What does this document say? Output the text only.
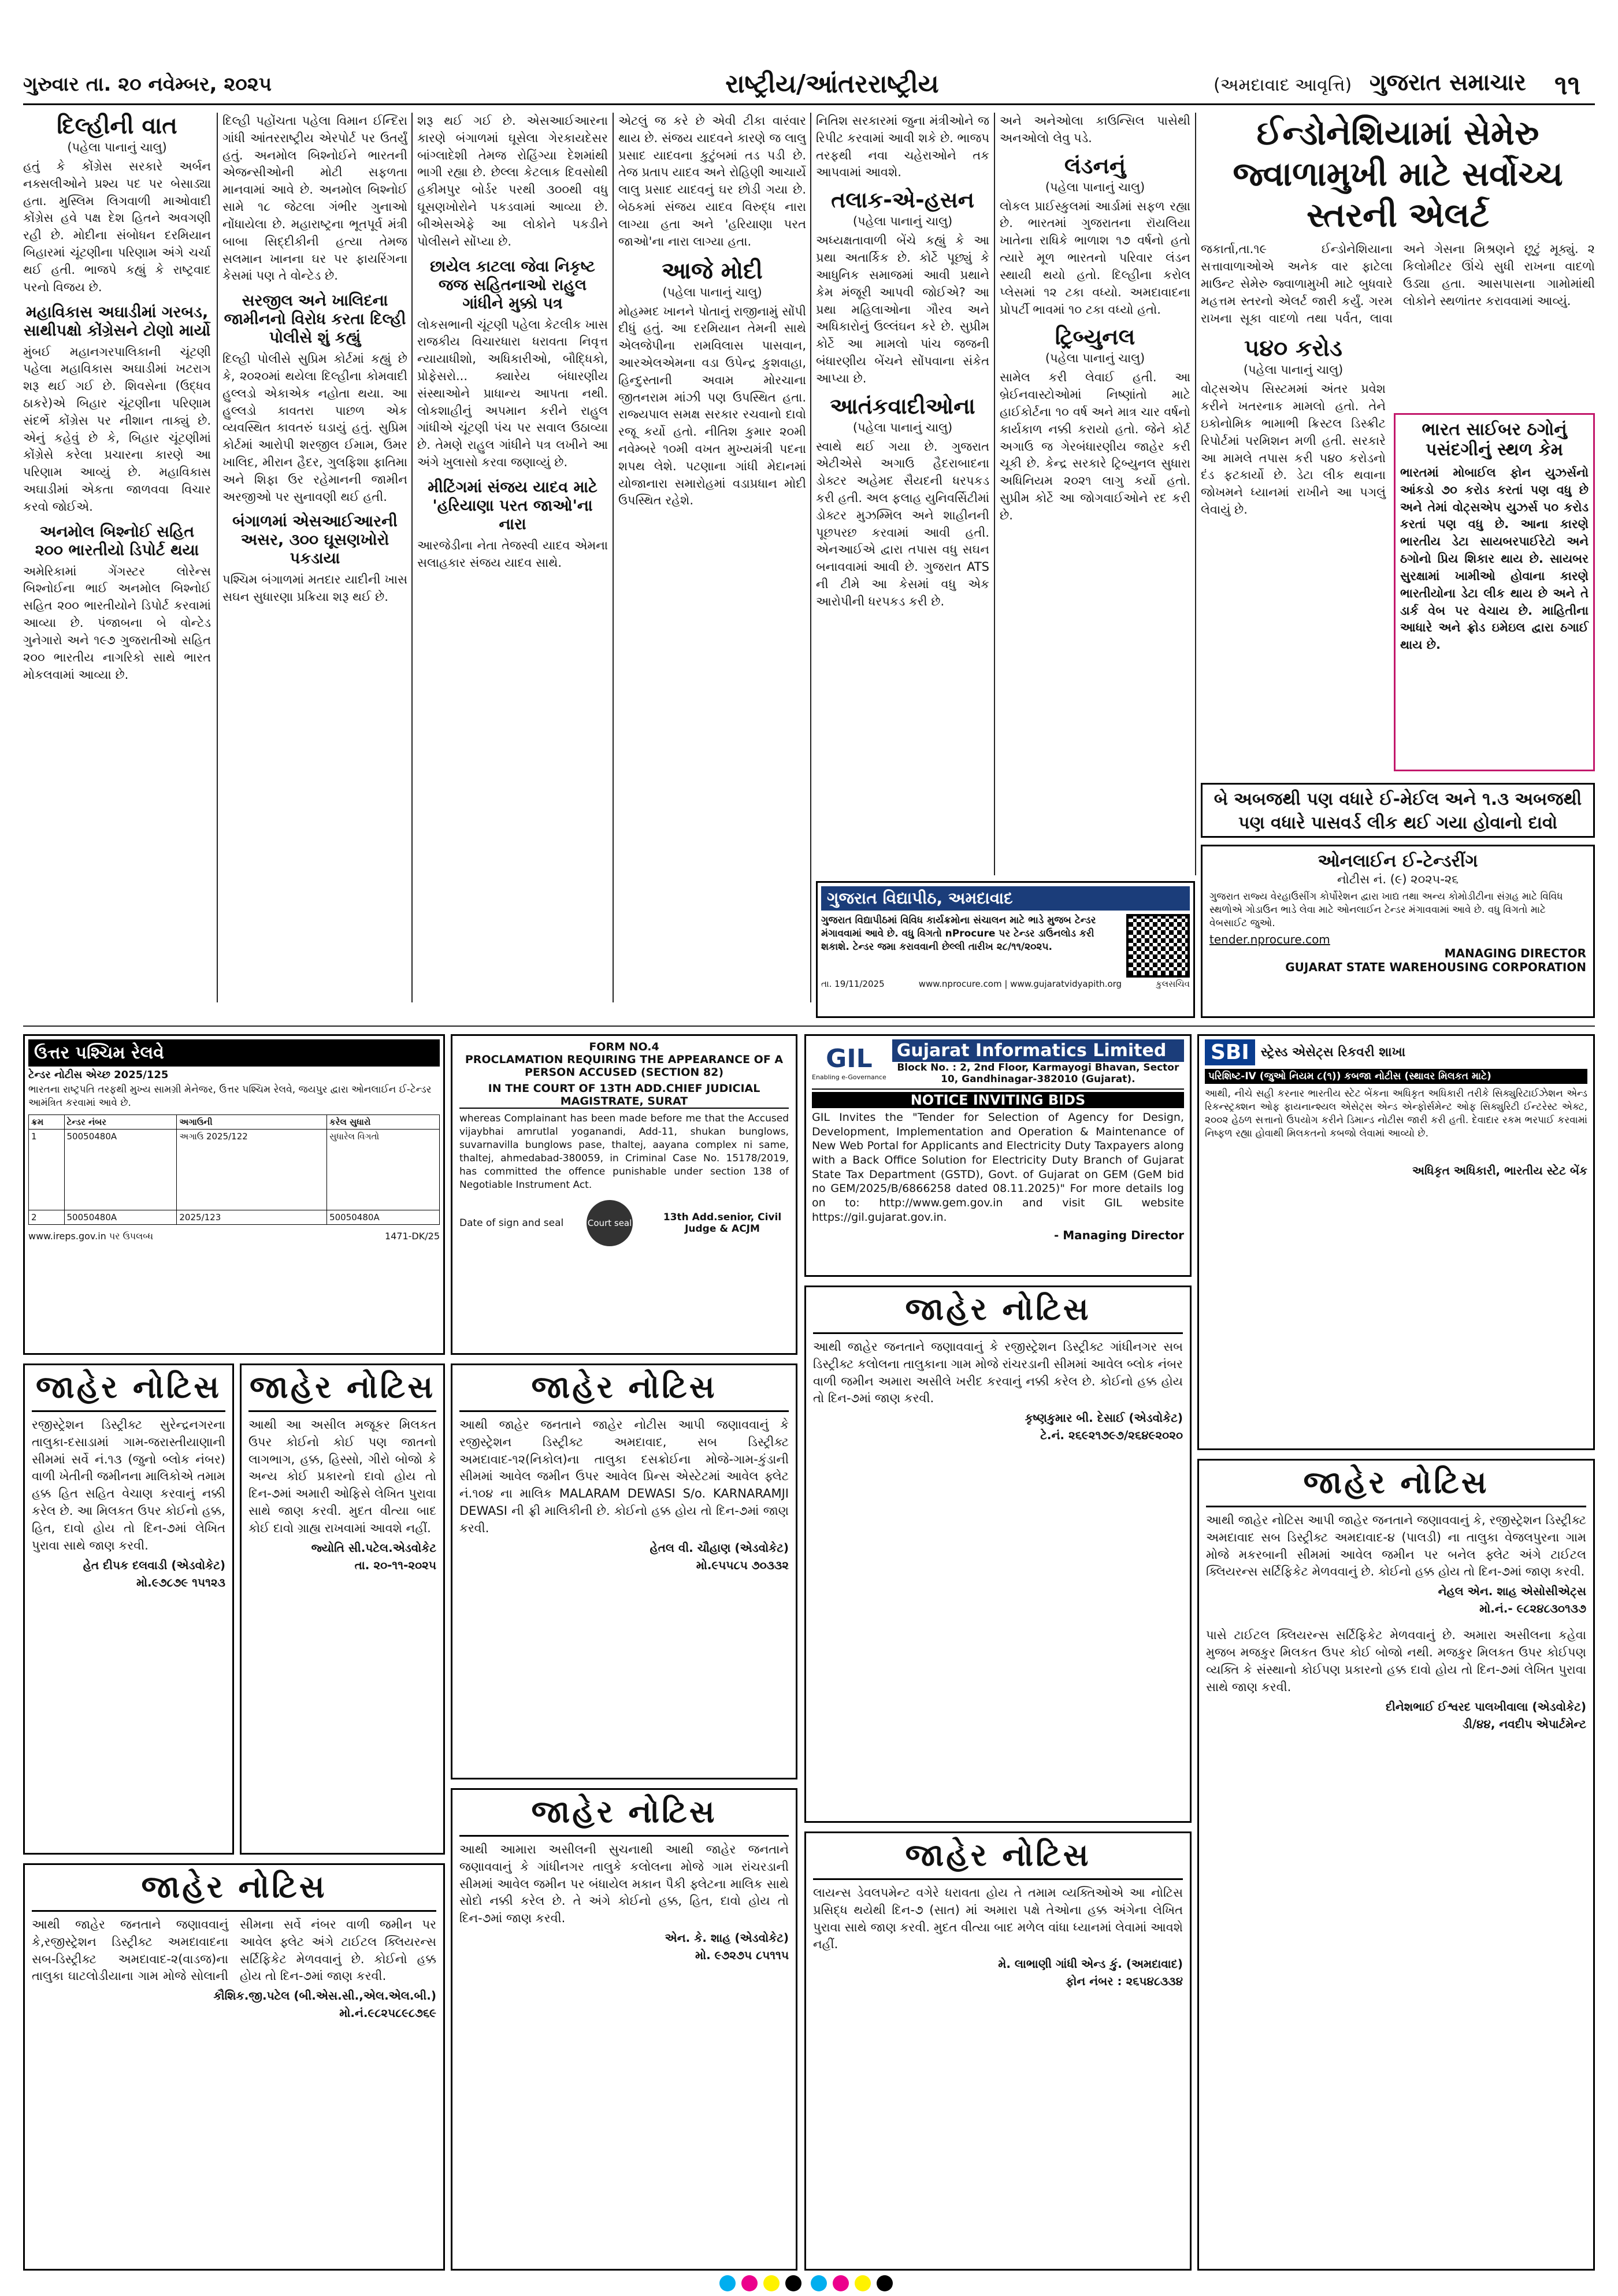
ગુરુવાર તા. ૨૦ નવેમ્બર, ૨૦૨૫	રાષ્ટ્રીય/આંતરરાષ્ટ્રીય	(અમદાવાદ આવૃત્તિ) ગુજરાત સમાચાર ૧૧
દિલ્હીની વાત
(પહેલા પાનાનું ચાલુ)

હતું કે કોંગ્રેસ સરકારે અર્બન નક્સલીઓને પ્રશ્ય પદ પર બેસાડ્યા હતા. મુસ્લિમ લિગવાળી માઓવાદી કોંગ્રેસ હવે પક્ષ દેશ હિતને અવગણી રહી છે. મોદીના સંબોધન દરમિયાન બિહારમાં ચૂંટણીના પરિણામ અંગે ચર્ચા થઈ હતી. ભાજપે કહ્યું કે રાષ્ટ્રવાદ પરનો વિજય છે.

મહાવિકાસ અઘાડીમાં ગરબડ, સાથીપક્ષો કોંગ્રેસને ટોણો માર્યો

મુંબઈ મહાનગરપાલિકાની ચૂંટણી પહેલા મહાવિકાસ અઘાડીમાં ખટરાગ શરૂ થઈ ગઈ છે. શિવસેના (ઉદ્ધવ ઠાકરે)એ બિહાર ચૂંટણીના પરિણામ સંદર્ભે કોંગ્રેસ પર નીશાન તાક્યું છે. એનું કહેવું છે કે, બિહાર ચૂંટણીમાં કોંગ્રેસે કરેલા પ્રચારના કારણે આ પરિણામ આવ્યું છે. મહાવિકાસ અઘાડીમાં એકતા જાળવવા વિચાર કરવો જોઈએ.

અનમોલ બિશ્નોઈ સહિત ૨૦૦ ભારતીયો ડિપોર્ટ થયા

અમેરિકામાં ગેંગસ્ટર લોરેન્સ બિશ્નોઈના ભાઈ અનમોલ બિશ્નોઈ સહિત ૨૦૦ ભારતીયોને ડિપોર્ટ કરવામાં આવ્યા છે. પંજાબના બે વોન્ટેડ ગુનેગારો અને ૧૯૭ ગુજરાતીઓ સહિત ૨૦૦ ભારતીય નાગરિકો સાથે ભારત મોકલવામાં આવ્યા છે.

દિલ્હી પહોંચતા પહેલા વિમાન ઈન્દિરા ગાંધી આંતરરાષ્ટ્રીય એરપોર્ટ પર ઉતર્યું હતું. અનમોલ બિશ્નોઈને ભારતની એજન્સીઓની મોટી સફળતા માનવામાં આવે છે. અનમોલ બિશ્નોઈ સામે ૧૮ જેટલા ગંભીર ગુનાઓ નોંધાયેલા છે. મહારાષ્ટ્રના ભૂતપૂર્વ મંત્રી બાબા સિદ્દીકીની હત્યા તેમજ સલમાન ખાનના ઘર પર ફાયરિંગના કેસમાં પણ તે વોન્ટેડ છે.

સરજીલ અને ખાલિદના જામીનનો વિરોધ કરતા દિલ્હી પોલીસે શું કહ્યું

દિલ્હી પોલીસે સુપ્રિમ કોર્ટમાં કહ્યું છે કે, ૨૦૨૦માં થયેલા દિલ્હીના કોમવાદી હુલ્લડો એકાએક નહોતા થયા. આ હુલ્લડો કાવતરા પાછળ એક વ્યવસ્થિત કાવતરું ઘડાયું હતું. સુપ્રિમ કોર્ટમાં આરોપી શરજીલ ઈમામ, ઉમર ખાલિદ, મીરાન હૈદર, ગુલફિશા ફાતિમા અને શિફા ઉર રહેમાનની જામીન અરજીઓ પર સુનાવણી થઈ હતી.

બંગાળમાં એસઆઈઆરની અસર, ૩૦૦ ઘૂસણખોરો પકડાયા

પશ્ચિમ બંગાળમાં મતદાર યાદીની ખાસ સઘન સુધારણા પ્રક્રિયા શરૂ થઈ છે.

શરૂ થઈ ગઈ છે. એસઆઈઆરના કારણે બંગાળમાં ઘૂસેલા ગેરકાયદેસર બાંગ્લાદેશી તેમજ રોહિંગ્યા દેશમાંથી ભાગી રહ્યા છે. છેલ્લા કેટલાક દિવસોથી હકીમપુર બોર્ડર પરથી ૩૦૦થી વધુ ઘૂસણખોરોને પકડવામાં આવ્યા છે. બીએસએફે આ લોકોને પકડીને પોલીસને સોંપ્યા છે.

છાયેલ કાટલા જેવા નિકૃષ્ટ જજ સહિતનાઓ રાહુલ ગાંધીને મુક્કો પત્ર

લોકસભાની ચૂંટણી પહેલા કેટલીક ખાસ રાજકીય વિચારધારા ધરાવતા નિવૃત્ત ન્યાયાધીશો, અધિકારીઓ, બૌદ્ધિકો, પ્રોફેસરો... ક્યારેય બંધારણીય સંસ્થાઓને પ્રાધાન્ય આપતા નથી. લોકશાહીનું અપમાન કરીને રાહુલ ગાંધીએ ચૂંટણી પંચ પર સવાલ ઉઠાવ્યા છે. તેમણે રાહુલ ગાંધીને પત્ર લખીને આ અંગે ખુલાસો કરવા જણાવ્યું છે.

મીટિંગમાં સંજય યાદવ માટે 'હરિયાણા પરત જાઓ'ના નારા

આરજેડીના નેતા તેજસ્વી યાદવ એમના સલાહકાર સંજય યાદવ સાથે.

એટલું જ કરે છે એવી ટીકા વારંવાર થાય છે. સંજય યાદવને કારણે જ લાલુ પ્રસાદ યાદવના કુટુંબમાં તડ પડી છે. તેજ પ્રતાપ યાદવ અને રોહિણી આચાર્યે લાલુ પ્રસાદ યાદવનું ઘર છોડી ગયા છે. બેઠકમાં સંજય યાદવ વિરુદ્ધ નારા લાગ્યા હતા અને 'હરિયાણા પરત જાઓ'ના નારા લાગ્યા હતા.

આજે મોદી
(પહેલા પાનાનું ચાલુ)

મોહમ્મદ ખાનને પોતાનું રાજીનામું સોંપી દીધું હતું. આ દરમિયાન તેમની સાથે એલજેપીના રામવિલાસ પાસવાન, આરએલએમના વડા ઉપેન્દ્ર કુશવાહા, હિન્દુસ્તાની અવામ મોરચાના જીતનરામ માંઝી પણ ઉપસ્થિત હતા. રાજ્યપાલ સમક્ષ સરકાર રચવાનો દાવો રજૂ કર્યો હતો. નીતિશ કુમાર ૨૦મી નવેમ્બરે ૧૦મી વખત મુખ્યમંત્રી પદના શપથ લેશે. પટણાના ગાંધી મેદાનમાં યોજાનારા સમારોહમાં વડાપ્રધાન મોદી ઉપસ્થિત રહેશે.

નિતિશ સરકારમાં જુના મંત્રીઓને જ રિપીટ કરવામાં આવી શકે છે. ભાજપ તરફથી નવા ચહેરાઓને તક આપવામાં આવશે.

તલાક-એ-હસન
(પહેલા પાનાનું ચાલુ)

અધ્યક્ષતાવાળી બેંચે કહ્યું કે આ પ્રથા અતાર્કિક છે. કોર્ટે પૂછ્યું કે આધુનિક સમાજમાં આવી પ્રથાને કેમ મંજૂરી આપવી જોઈએ? આ પ્રથા મહિલાઓના ગૌરવ અને અધિકારોનું ઉલ્લંઘન કરે છે. સુપ્રીમ કોર્ટે આ મામલો પાંચ જજની બંધારણીય બેંચને સોંપવાના સંકેત આપ્યા છે.

આતંકવાદીઓના
(પહેલા પાનાનું ચાલુ)

સ્વાથે થઈ ગયા છે. ગુજરાત એટીએસે અગાઉ હૈદરાબાદના ડોક્ટર અહેમદ સૈયદની ધરપકડ કરી હતી. અલ ફલાહ યુનિવર્સિટીમાં ડોક્ટર મુઝમ્મિલ અને શાહીનની પૂછપરછ કરવામાં આવી હતી. એનઆઈએ દ્વારા તપાસ વધુ સઘન બનાવવામાં આવી છે. ગુજરાત ATS ની ટીમે આ કેસમાં વધુ એક આરોપીની ધરપકડ કરી છે.

અને અનેઓલા કાઉન્સિલ પાસેથી અનઓલો લેવુ પડે.

લંડનનું
(પહેલા પાનાનું ચાલુ)

લોકલ પ્રાઈસ્કુલમાં આર્ડામાં સફળ રહ્યા છે. ભારતમાં ગુજરાતના રૉયલિયા ખાતેના રાધિકે ભાળાશ ૧૭ વર્ષનો હતો ત્યારે મૂળ ભારતનો પરિવાર લંડન સ્થાયી થયો હતો. દિલ્હીના કરોલ પ્લેસમાં ૧૨ ટકા વધ્યો. અમદાવાદના પ્રોપર્ટી ભાવમાં ૧૦ ટકા વધ્યો હતો.

ટ્રિબ્યુનલ
(પહેલા પાનાનું ચાલુ)

સામેલ કરી લેવાઈ હતી. આ બ્રેઈનવાસ્ટોઓમાં નિષ્ણાંતો માટે હાઈકોર્ટના ૧૦ વર્ષ અને માત્ર ચાર વર્ષનો કાર્યકાળ નક્કી કરાયો હતો. જેને કોર્ટ અગાઉ જ ગેરબંધારણીય જાહેર કરી ચૂકી છે. કેન્દ્ર સરકારે ટ્રિબ્યુનલ સુધારા અધિનિયમ ૨૦૨૧ લાગુ કર્યો હતો. સુપ્રીમ કોર્ટે આ જોગવાઈઓને રદ કરી છે.

ઈન્ડોનેશિયામાં સેમેરુ જ્વાળામુખી માટે સર્વોચ્ચ સ્તરની એલર્ટ

જકાર્તા,તા.૧૯ ઈન્ડોનેશિયાના સત્તાવાળાઓએ અનેક વાર ફાટેલા માઉન્ટ સેમેરુ જ્વાળામુખી માટે બુધવારે મહત્તમ સ્તરનો એલર્ટ જારી કર્યું. ગરમ રાખના સૂકા વાદળો તથા પર્વત, લાવા અને ગેસના મિશ્રણને છૂટું મૂક્યું. ૨ કિલોમીટર ઊંચે સુધી રાખના વાદળો ઉડ્યા હતા. આસપાસના ગામોમાંથી લોકોને સ્થળાંતર કરાવવામાં આવ્યું.

૫૪૦ કરોડ
(પહેલા પાનાનું ચાલુ)

વોટ્સએપ સિસ્ટમમાં અંતર પ્રવેશ કરીને ખતરનાક મામલો હતો. તેને ઇકોનોમિક ભામાભી ક્રિસ્ટલ ડિસ્ક્રીટ રિપોર્ટમાં પરમિશન મળી હતી. સરકારે આ મામલે તપાસ કરી ૫૪૦ કરોડનો દંડ ફટકાર્યો છે. ડેટા લીક થવાના જોખમને ધ્યાનમાં રાખીને આ પગલું લેવાયું છે.

ભારત સાઈબર ઠગોનું પસંદગીનું સ્થળ કેમ

ભારતમાં મોબાઈલ ફોન યુઝર્સનો આંકડો ૭૦ કરોડ કરતાં પણ વધુ છે અને તેમાં વોટ્સએપ યુઝર્સ ૫૦ કરોડ કરતાં પણ વધુ છે. આના કારણે ભારતીય ડેટા સાયબરપાઈરેટો અને ઠગોનો પ્રિય શિકાર થાય છે. સાયબર સુરક્ષામાં ખામીઓ હોવાના કારણે ભારતીયોના ડેટા લીક થાય છે અને તે ડાર્ક વેબ પર વેચાય છે. માહિતીના આધારે અને ફ્રોડ ઇમેઇલ દ્વારા ઠગાઈ થાય છે.

બે અબજથી પણ વધારે ઈ-મેઈલ અને ૧.૩ અબજથી પણ વધારે પાસવર્ડ લીક થઈ ગયા હોવાનો દાવો
ઓનલાઈન ઈ-ટેન્ડરીંગ
નોટીસ નં. (૯) ૨૦૨૫-૨૬

ગુજરાત રાજ્ય વેરહાઉસીંગ કોર્પોરેશન દ્વારા ખાદ્ય તથા અન્ય કોમોડીટીના સંગ્રહ માટે વિવિધ સ્થળોએ ગોડાઉન ભાડે લેવા માટે ઓનલાઈન ટેન્ડર મંગાવવામાં આવે છે. વધુ વિગતો માટે વેબસાઈટ જુઓ.

tender.nprocure.com
MANAGING DIRECTOR
GUJARAT STATE WAREHOUSING CORPORATION
ગુજરાત વિદ્યાપીઠ, અમદાવાદ

ગુજરાત વિદ્યાપીઠમાં વિવિધ કાર્યક્રમોના સંચાલન માટે ભાડે મુજબ ટેન્ડર મંગાવવામાં આવે છે. વધુ વિગતો nProcure પર ટેન્ડર ડાઉનલોડ કરી શકાશે. ટેન્ડર જમા કરાવવાની છેલ્લી તારીખ ૨૮/૧૧/૨૦૨૫.

તા. 19/11/2025	www.nprocure.com | www.gujaratvidyapith.org	કુલસચિવ
ઉત્તર પશ્ચિમ રેલવે
ટેન્ડર નોટીસ એચ્છ 2025/125

ભારતના રાષ્ટ્રપતિ તરફથી મુખ્ય સામગ્રી મેનેજર, ઉત્તર પશ્ચિમ રેલવે, જયપુર દ્વારા ઓનલાઈન ઈ-ટેન્ડર આમંત્રિત કરવામાં આવે છે.

ક્રમ	ટેન્ડર નંબર	અગાઉની	કરેલ સુધારો
1	50050480A	અગાઉ 2025/122	સુધારેલ વિગતો
2	50050480A	2025/123	50050480A
www.ireps.gov.in પર ઉપલબ્ધ	1471-DK/25
FORM NO.4
PROCLAMATION REQUIRING THE APPEARANCE OF A PERSON ACCUSED (SECTION 82)
IN THE COURT OF 13TH ADD.CHIEF JUDICIAL MAGISTRATE, SURAT

whereas Complainant has been made before me that the Accused vijaybhai amrutlal yoganandi, Add-11, shukan bunglows, suvarnavilla bunglows pase, thaltej, aayana complex ni same, thaltej, ahmedabad-380059, in Criminal Case No. 15178/2019, has committed the offence punishable under section 138 of Negotiable Instrument Act.

Date of sign and seal	Court seal	13th Add.senior, Civil Judge & ACJM
GIL
Enabling e-Governance
Gujarat Informatics Limited
Block No. : 2, 2nd Floor, Karmayogi Bhavan, Sector 10, Gandhinagar-382010 (Gujarat).
NOTICE INVITING BIDS

GIL Invites the "Tender for Selection of Agency for Design, Development, Implementation and Operation & Maintenance of New Web Portal for Applicants and Electricity Duty Taxpayers along with a Back Office Solution for Electricity Duty Branch of Gujarat State Tax Department (GSTD), Govt. of Gujarat on GEM (GeM bid no GEM/2025/B/6866258 dated 08.11.2025)" For more details log on to: http://www.gem.gov.in and visit GIL website https://gil.gujarat.gov.in.

- Managing Director
SBI સ્ટ્રેસ્ડ એસેટ્સ રિકવરી શાખા
પરિશિષ્ટ-IV (જુઓ નિયમ ૮(૧)) કબજા નોટીસ (સ્થાવર મિલકત માટે)

આથી, નીચે સહી કરનાર ભારતીય સ્ટેટ બેંકના અધિકૃત અધિકારી તરીકે સિક્યુરિટાઈઝેશન એન્ડ રિકન્સ્ટ્રક્શન ઓફ ફાયનાન્શ્યલ એસેટ્સ એન્ડ એન્ફોર્સમેન્ટ ઓફ સિક્યુરિટી ઈન્ટરેસ્ટ એક્ટ, ૨૦૦૨ હેઠળ સત્તાનો ઉપયોગ કરીને ડિમાન્ડ નોટીસ જારી કરી હતી. દેવાદાર રકમ ભરપાઈ કરવામાં નિષ્ફળ રહ્યા હોવાથી મિલકતનો કબજો લેવામાં આવ્યો છે.

અધિકૃત અધિકારી, ભારતીય સ્ટેટ બેંક
જાહેર નોટિસ

રજીસ્ટ્રેશન ડિસ્ટ્રીક્ટ સુરેન્દ્રનગરના તાલુકા-દસાડામાં ગામ-જરાસ્તીયાણાની સીમમાં સર્વે નં.૧૩ (જુનો બ્લોક નંબર) વાળી ખેતીની જમીનના માલિકોએ તમામ હક્ક હિત સહિત વેચાણ કરવાનું નક્કી કરેલ છે. આ મિલકત ઉપર કોઈનો હક્ક, હિત, દાવો હોય તો દિન-૭માં લેખિત પુરાવા સાથે જાણ કરવી.

હેત દીપક દલવાડી (એડવોકેટ)
મો.૯૭૮૭૯ ૧૫૧૨૩
જાહેર નોટિસ

આથી જાહેર જનતાને જણાવવાનું કે,રજીસ્ટ્રેશન ડિસ્ટ્રીક્ટ અમદાવાદના સબ-ડિસ્ટ્રીક્ટ અમદાવાદ-૨(વાડજ)ના તાલુકા ઘાટલોડીયાના ગામ મોજે સોલાની સીમના સર્વે નંબર વાળી જમીન પર આવેલ ફ્લેટ અંગે ટાઈટલ ક્લિયરન્સ સર્ટિફિકેટ મેળવવાનું છે. કોઈનો હક્ક હોય તો દિન-૭માં જાણ કરવી.

કૌશિક.જી.પટેલ (બી.એસ.સી.,એલ.એલ.બી.)
મો.નં.૯૮૨૫૮૯૮૭૬૯
જાહેર નોટિસ

આથી આ અસીલ મજૂકર મિલકત ઉપર કોઈનો કોઈ પણ જાતનો લાગભાગ, હક્ક, હિસ્સો, ગીરો બોજો કે અન્ય કોઈ પ્રકારનો દાવો હોય તો દિન-૭માં અમારી ઓફિસે લેખિત પુરાવા સાથે જાણ કરવી. મુદત વીત્યા બાદ કોઈ દાવો ગ્રાહ્ય રાખવામાં આવશે નહીં.

જ્યોતિ સી.પટેલ.એડવોકેટ
તા. ૨૦-૧૧-૨૦૨૫
જાહેર નોટિસ

આથી જાહેર જનતાને જાહેર નોટીસ આપી જણાવવાનું કે રજીસ્ટ્રેશન ડિસ્ટ્રીક્ટ અમદાવાદ, સબ ડિસ્ટ્રીક્ટ અમદાવાદ-૧૨(નિકોલ)ના તાલુકા દસક્રોઈના મોજે-ગામ-કુંડાની સીમમાં આવેલ જમીન ઉપર આવેલ પ્રિન્સ એસ્ટેટમાં આવેલ ફ્લેટ નં.૧૦૪ ના માલિક MALARAM DEWASI S/o. KARNARAMJI DEWASI ની ફ્રી માલિકીની છે. કોઈનો હક્ક હોય તો દિન-૭માં જાણ કરવી.

હેતલ વી. ચૌહાણ (એડવોકેટ)
મો.૯૫૫૮૫ ૭૦૩૩૨
જાહેર નોટિસ

આથી આમારા અસીલની સુચનાથી આથી જાહેર જનતાને જણાવવાનું કે ગાંધીનગર તાલુકે કલોલના મોજે ગામ રાંચરડાની સીમમાં આવેલ જમીન પર બંધાયેલ મકાન પૈકી ફ્લેટના માલિક સાથે સોદો નક્કી કરેલ છે. તે અંગે કોઈનો હક્ક, હિત, દાવો હોય તો દિન-૭માં જાણ કરવી.

એન. કે. શાહ (એડવોકેટ)
મો. ૯૭૨૭૫ ૮૫૧૧૫
જાહેર નોટિસ

આથી જાહેર જનતાને જણાવવાનું કે રજીસ્ટ્રેશન ડિસ્ટ્રીક્ટ ગાંધીનગર સબ ડિસ્ટ્રીક્ટ કલોલના તાલુકાના ગામ મોજે રાંચરડાની સીમમાં આવેલ બ્લોક નંબર વાળી જમીન અમારા અસીલે ખરીદ કરવાનું નક્કી કરેલ છે. કોઈનો હક્ક હોય તો દિન-૭માં જાણ કરવી.

કૃષ્ણકુમાર બી. દેસાઈ (એડવોકેટ)
ટે.નં. ૨૬૯૨૧૭૯૭/૨૬૪૯૨૦૨૦
જાહેર નોટિસ

લાયન્સ ડેવલપમેન્ટ વગેરે ધરાવતા હોય તે તમામ વ્યક્તિઓએ આ નોટિસ પ્રસિદ્ધ થયેથી દિન-૭ (સાત) માં અમારા પક્ષે તેઓના હક્ક અંગેના લેખિત પુરાવા સાથે જાણ કરવી. મુદત વીત્યા બાદ મળેલ વાંધા ધ્યાનમાં લેવામાં આવશે નહીં.

મે. લાભાણી ગાંધી એન્ડ કું. (અમદાવાદ)
ફોન નંબર : ૨૬૫૪૮૩૩૪
જાહેર નોટિસ

આથી જાહેર નોટિસ આપી જાહેર જનતાને જણાવવાનું કે, રજીસ્ટ્રેશન ડિસ્ટ્રીક્ટ અમદાવાદ સબ ડિસ્ટ્રીક્ટ અમદાવાદ-૪ (પાલડી) ના તાલુકા વેજલપુરના ગામ મોજે મકરબાની સીમમાં આવેલ જમીન પર બનેલ ફ્લેટ અંગે ટાઈટલ ક્લિયરન્સ સર્ટિફિકેટ મેળવવાનું છે. કોઈનો હક્ક હોય તો દિન-૭માં જાણ કરવી.

નેહલ એન. શાહ એસોસીએટ્સ
મો.નં.- ૯૮૨૪૮૩૦૧૩૭

પાસે ટાઈટલ ક્લિયરન્સ સર્ટિફિકેટ મેળવવાનું છે. અમારા અસીલના કહેવા મુજબ મજકુર મિલકત ઉપર કોઈ બોજો નથી. મજકુર મિલકત ઉપર કોઈપણ વ્યક્તિ કે સંસ્થાનો કોઈપણ પ્રકારનો હક્ક દાવો હોય તો દિન-૭માં લેખિત પુરાવા સાથે જાણ કરવી.

દીનેશભાઈ ઈશ્વરદ પાલખીવાલા (એડવોકેટ)
ડી/૪૪, નવદીપ એપાર્ટમેન્ટ
